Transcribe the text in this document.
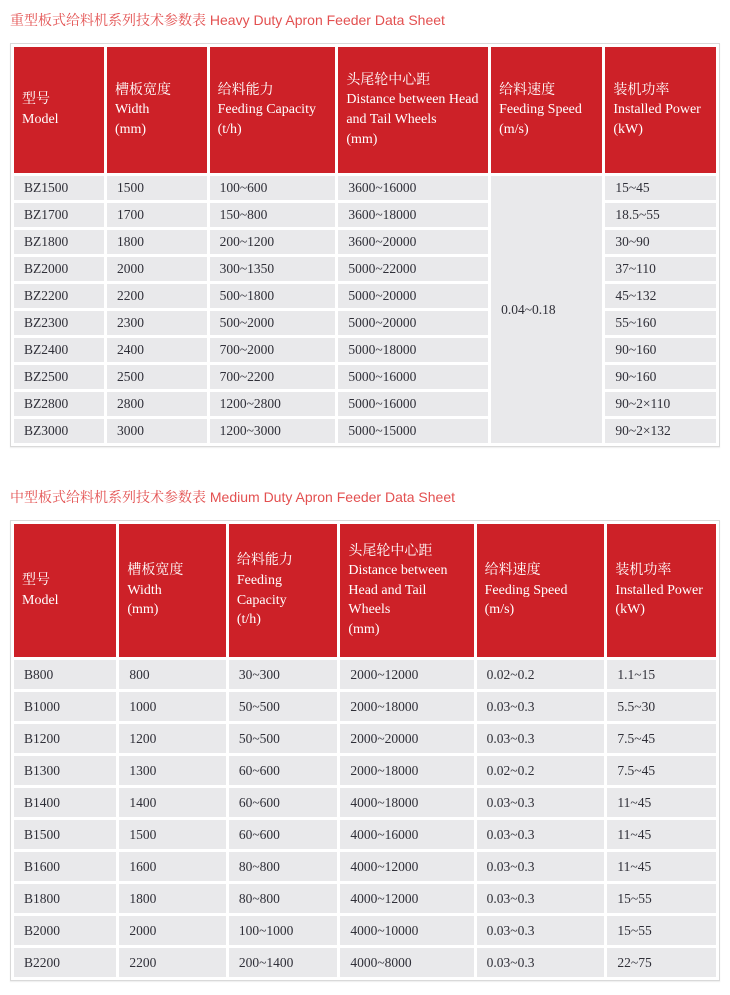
重型板式给料机系列技术参数表 Heavy Duty Apron Feeder Data Sheet
型号
Model

槽板宽度
Width
(mm)

给料能力
Feeding Capacity
(t/h)

头尾轮中心距
Distance between Head
and Tail Wheels
(mm)

给料速度
Feeding Speed
(m/s)

装机功率
Installed Power
(kW)

BZ1500	1500	100~600	3600~16000	0.04~0.18	15~45
BZ1700	1700	150~800	3600~18000		18.5~55
BZ1800	1800	200~1200	3600~20000		30~90
BZ2000	2000	300~1350	5000~22000		37~110
BZ2200	2200	500~1800	5000~20000		45~132
BZ2300	2300	500~2000	5000~20000		55~160
BZ2400	2400	700~2000	5000~18000		90~160
BZ2500	2500	700~2200	5000~16000		90~160
BZ2800	2800	1200~2800	5000~16000		90~2×110
BZ3000	3000	1200~3000	5000~15000		90~2×132
中型板式给料机系列技术参数表 Medium Duty Apron Feeder Data Sheet
型号
Model

槽板宽度
Width
(mm)

给料能力
Feeding Capacity
(t/h)

头尾轮中心距
Distance between
Head and Tail
Wheels
(mm)

给料速度
Feeding Speed
(m/s)

装机功率
Installed Power
(kW)

B800	800	30~300	2000~12000	0.02~0.2	1.1~15
B1000	1000	50~500	2000~18000	0.03~0.3	5.5~30
B1200	1200	50~500	2000~20000	0.03~0.3	7.5~45
B1300	1300	60~600	2000~18000	0.02~0.2	7.5~45
B1400	1400	60~600	4000~18000	0.03~0.3	11~45
B1500	1500	60~600	4000~16000	0.03~0.3	11~45
B1600	1600	80~800	4000~12000	0.03~0.3	11~45
B1800	1800	80~800	4000~12000	0.03~0.3	15~55
B2000	2000	100~1000	4000~10000	0.03~0.3	15~55
B2200	2200	200~1400	4000~8000	0.03~0.3	22~75
